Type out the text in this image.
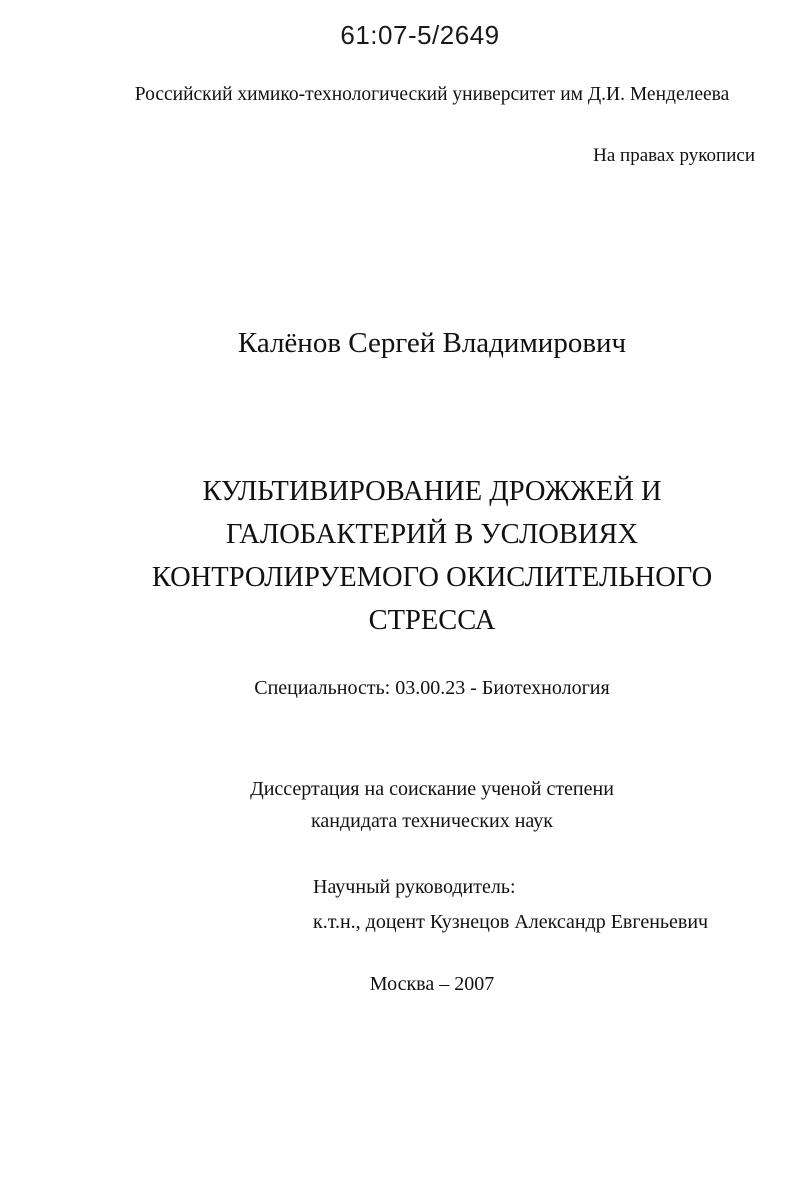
61:07-5/2649
Российский химико-технологический университет им Д.И. Менделеева
На правах рукописи
Калёнов Сергей Владимирович
КУЛЬТИВИРОВАНИЕ ДРОЖЖЕЙ И
ГАЛОБАКТЕРИЙ В УСЛОВИЯХ
КОНТРОЛИРУЕМОГО ОКИСЛИТЕЛЬНОГО
СТРЕССА
Специальность: 03.00.23 - Биотехнология
Диссертация на соискание ученой степени
кандидата технических наук
Научный руководитель:
к.т.н., доцент Кузнецов Александр Евгеньевич
Москва – 2007
